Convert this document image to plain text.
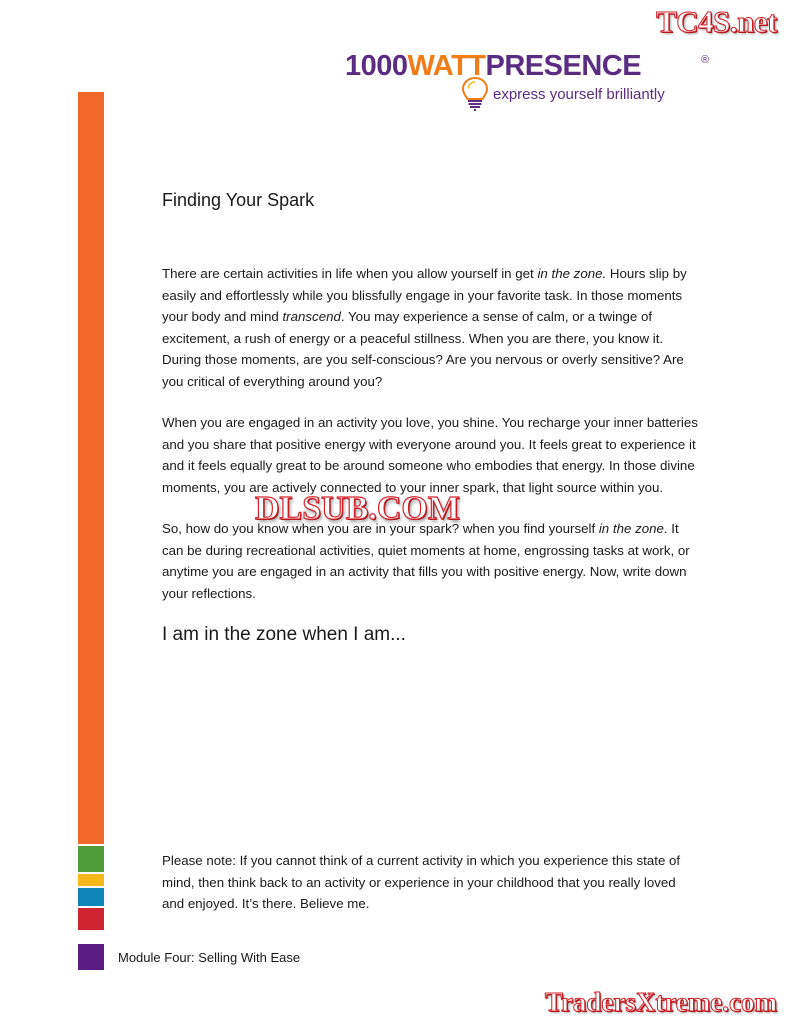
TC4S.net
1000WATTPRESENCE	®
express yourself brilliantly
Finding Your Spark

There are certain activities in life when you allow yourself in get in the zone. Hours slip by easily and effortlessly while you blissfully engage in your favorite task. In those moments your body and mind transcend. You may experience a sense of calm, or a twinge of excitement, a rush of energy or a peaceful stillness. When you are there, you know it. During those moments, are you self-conscious? Are you nervous or overly sensitive? Are you critical of everything around you?

When you are engaged in an activity you love, you shine. You recharge your inner batteries and you share that positive energy with everyone around you. It feels great to experience it and it feels equally great to be around someone who embodies that energy. In those divine moments, you are actively connected to your inner spark, that light source within you.

So, how do you know when you are in your spark? when you find yourself in the zone. It can be during recreational activities, quiet moments at home, engrossing tasks at work, or anytime you are engaged in an activity that fills you with positive energy. Now, write down your reflections.

DLSUB.COM
I am in the zone when I am...
Please note: If you cannot think of a current activity in which you experience this state of mind, then think back to an activity or experience in your childhood that you really loved and enjoyed. It’s there. Believe me.
Module Four: Selling With Ease
TradersXtreme.com
